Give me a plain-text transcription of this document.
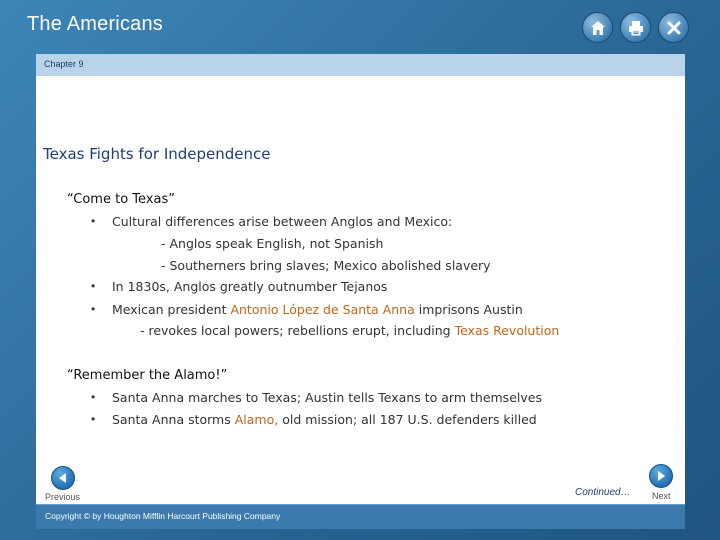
The Americans
Chapter 9
Texas Fights for Independence
“Come to Texas”
• Cultural differences arise between Anglos and Mexico:
- Anglos speak English, not Spanish
- Southerners bring slaves; Mexico abolished slavery
• In 1830s, Anglos greatly outnumber Tejanos
• Mexican president Antonio López de Santa Anna imprisons Austin
- revokes local powers; rebellions erupt, including Texas Revolution
“Remember the Alamo!”
• Santa Anna marches to Texas; Austin tells Texans to arm themselves
• Santa Anna storms Alamo, old mission; all 187 U.S. defenders killed
Previous	Continued… Next
Copyright © by Houghton Mifflin Harcourt Publishing Company
